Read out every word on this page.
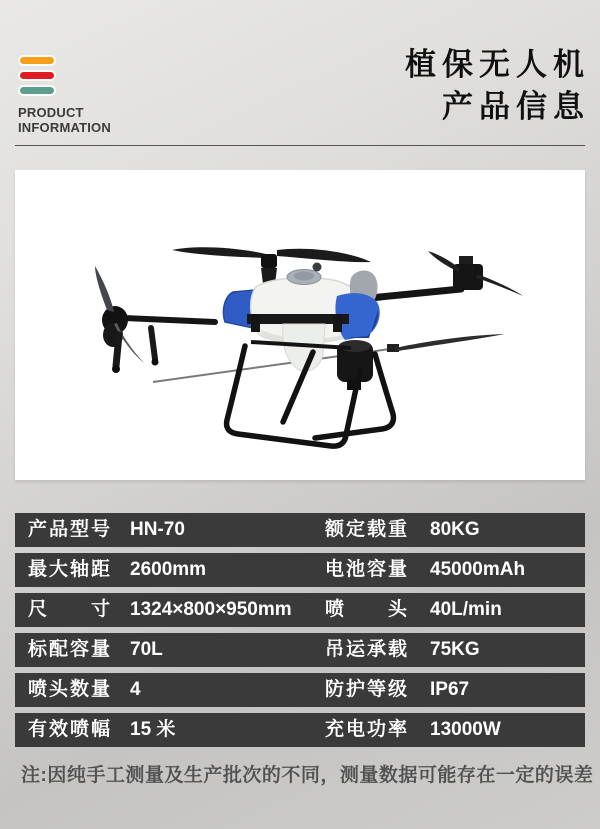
PRODUCT
INFORMATION
植保无人机
产品信息
产品型号 HN-70	额定载重 80KG
最大轴距 2600mm	电池容量 45000mAh
尺寸 1324×800×950mm 喷头 40L/min
标配容量 70L	吊运承载 75KG
喷头数量 4	防护等级 IP67
有效喷幅 15 米	充电功率 13000W
注:因纯手工测量及生产批次的不同，测量数据可能存在一定的误差
